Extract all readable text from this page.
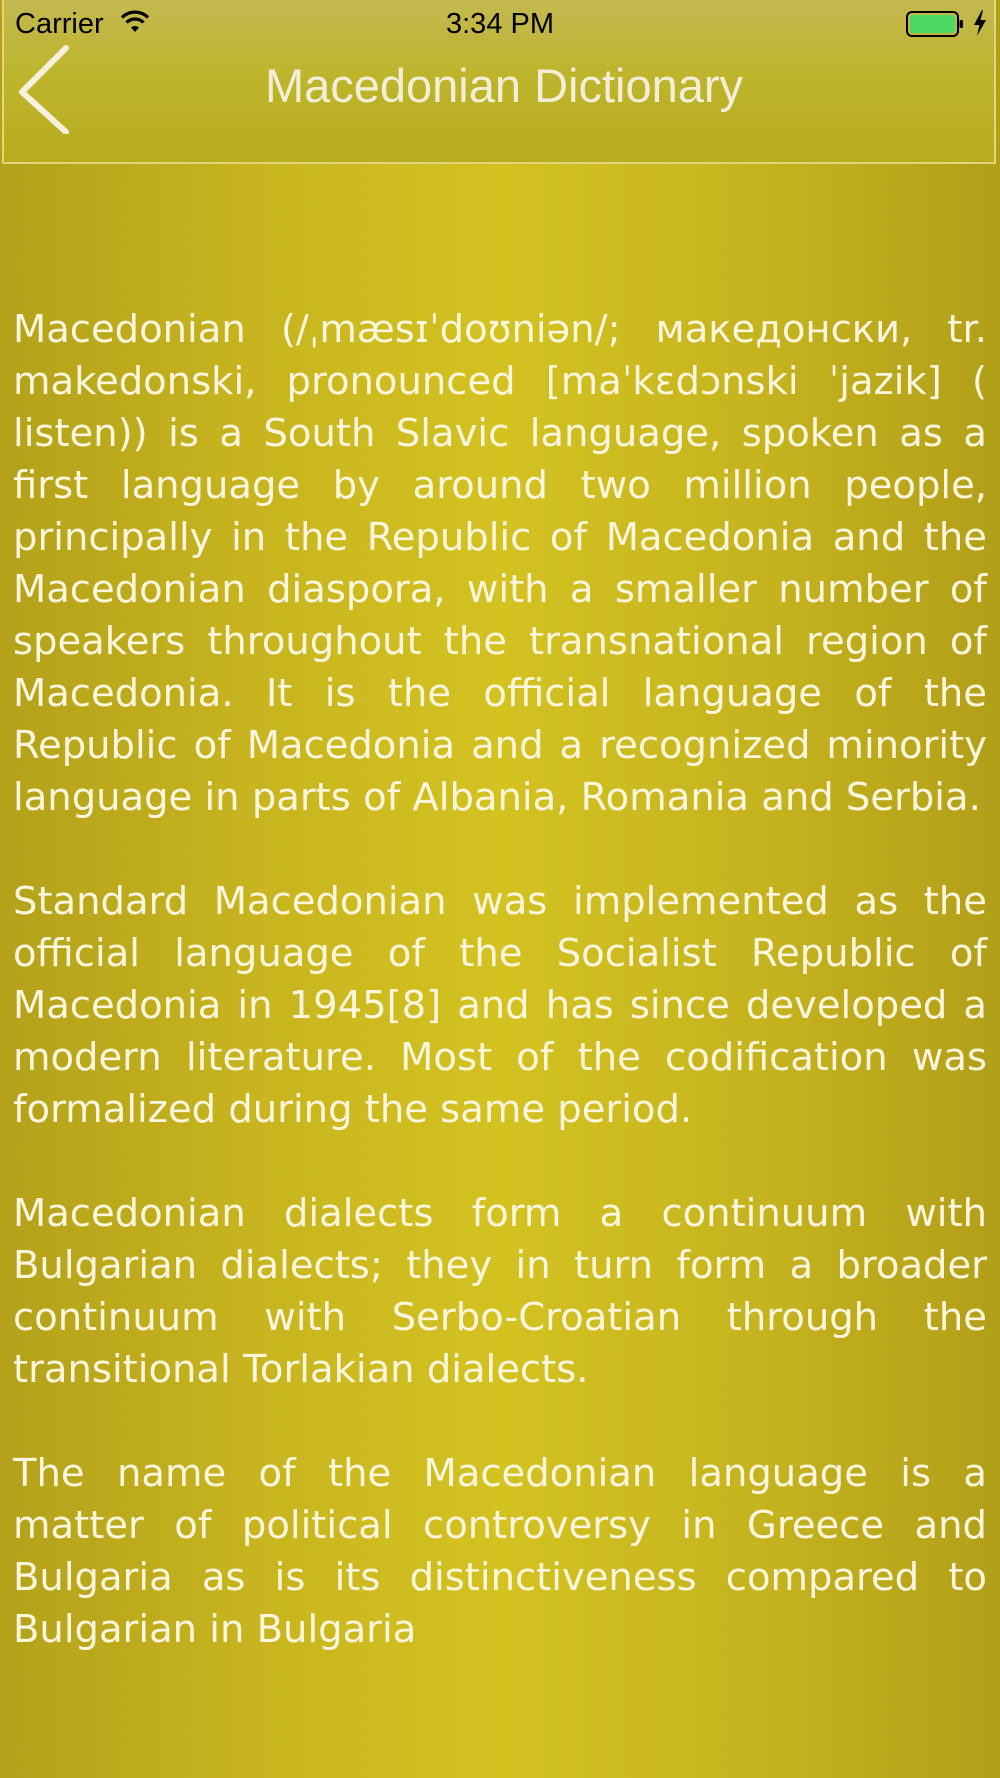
Macedonian Dictionary
Carrier	3:34 PM

Macedonian (/ˌmæsɪˈdoʊniən/; македонски, tr. makedonski, pronounced [maˈkɛdɔnski ˈjazik] ( listen)) is a South Slavic language, spoken as a first language by around two million people, principally in the Republic of Macedonia and the Macedonian diaspora, with a smaller number of speakers throughout the transnational region of Macedonia. It is the official language of the Republic of Macedonia and a recognized minority language in parts of Albania, Romania and Serbia.

Standard Macedonian was implemented as the official language of the Socialist Republic of Macedonia in 1945[8] and has since developed a modern literature. Most of the codification was formalized during the same period.

Macedonian dialects form a continuum with Bulgarian dialects; they in turn form a broader continuum with Serbo-Croatian through the transitional Torlakian dialects.

The name of the Macedonian language is a matter of political controversy in Greece and Bulgaria as is its distinctiveness compared to Bulgarian in Bulgaria
